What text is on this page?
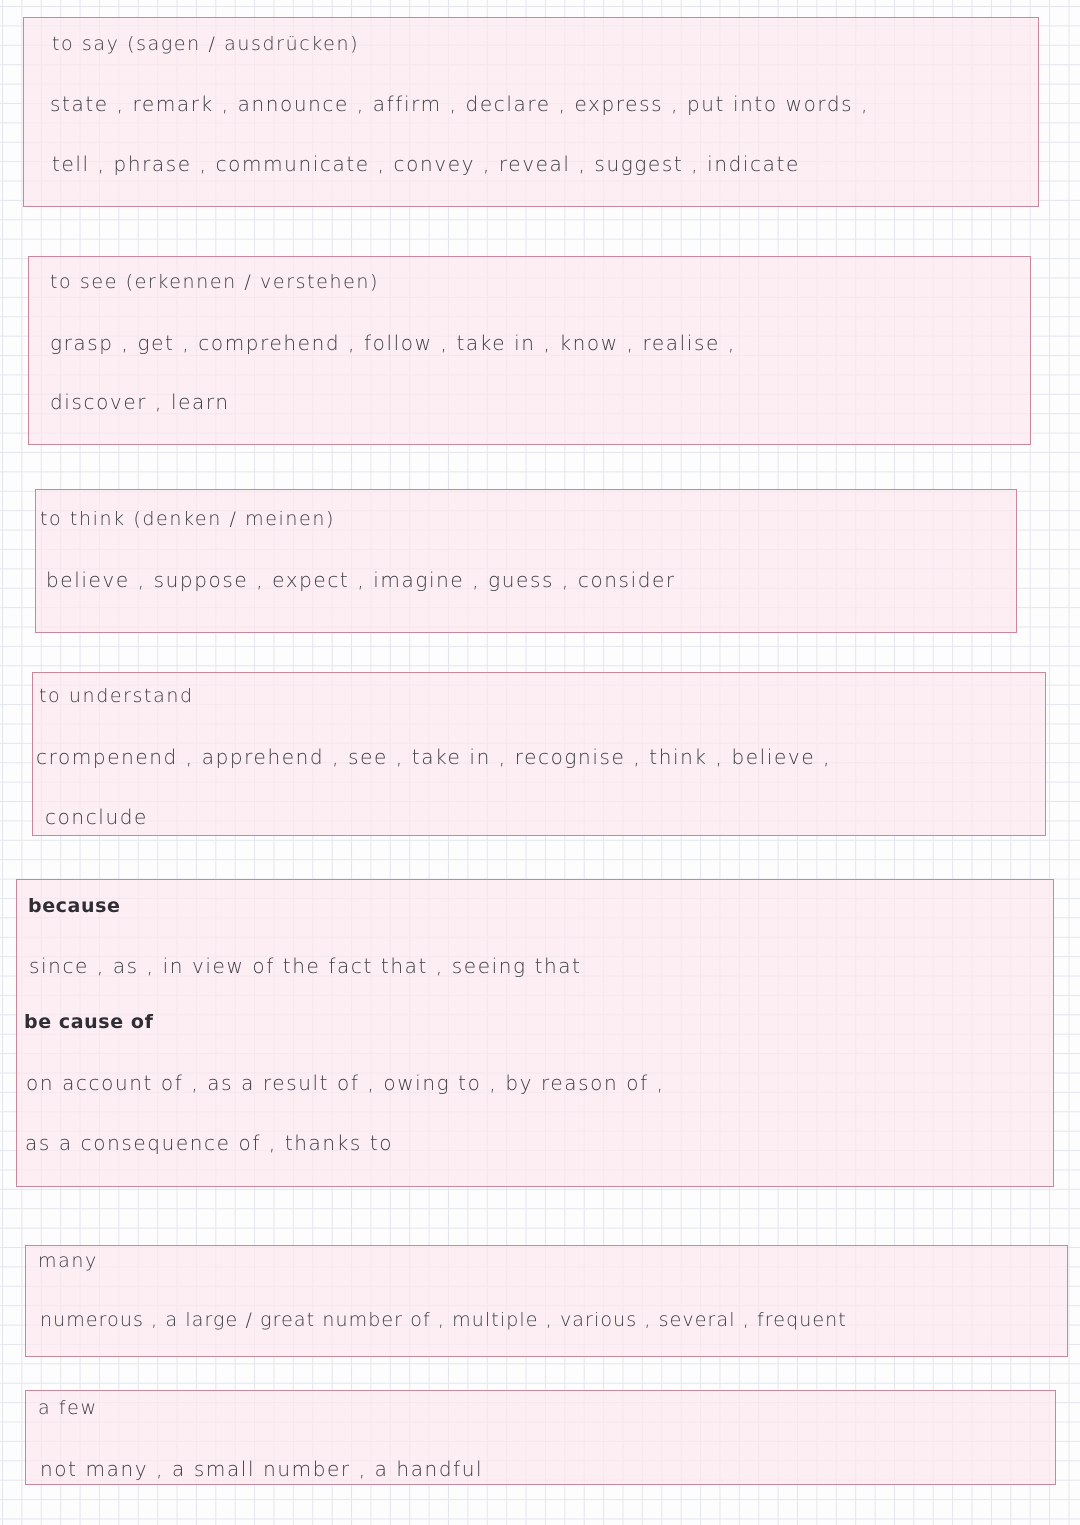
to say (sagen / ausdrücken)

state , remark , announce , affirm , declare , express , put into words ,

tell , phrase , communicate , convey , reveal , suggest , indicate

to see (erkennen / verstehen)

grasp , get , comprehend , follow , take in , know , realise ,

discover , learn

to think (denken / meinen)

believe , suppose , expect , imagine , guess , consider

to understand

crompenend , apprehend , see , take in , recognise , think , believe ,

conclude

because

since , as , in view of the fact that , seeing that

be cause of

on account of , as a result of , owing to , by reason of ,

as a consequence of , thanks to

many

numerous , a large / great number of , multiple , various , several , frequent

a few

not many , a small number , a handful
